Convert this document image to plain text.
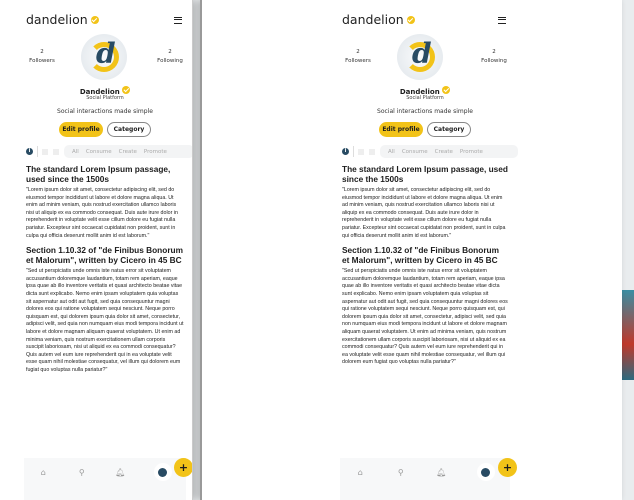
dandelion
2
Followers
2
Following
d
Dandelion
Social Platform
Social interactions made simple
Edit profile	Category
i	All Consume Create Promote
The standard Lorem Ipsum passage, used since the 1500s
"Lorem ipsum dolor sit amet, consectetur adipiscing elit, sed do eiusmod tempor incididunt ut labore et dolore magna aliqua. Ut enim ad minim veniam, quis nostrud exercitation ullamco laboris nisi ut aliquip ex ea commodo consequat. Duis aute irure dolor in reprehenderit in voluptate velit esse cillum dolore eu fugiat nulla pariatur. Excepteur sint occaecat cupidatat non proident, sunt in culpa qui officia deserunt mollit anim id est laborum."
Section 1.10.32 of "de Finibus Bonorum et Malorum", written by Cicero in 45 BC
"Sed ut perspiciatis unde omnis iste natus error sit voluptatem accusantium doloremque laudantium, totam rem aperiam, eaque ipsa quae ab illo inventore veritatis et quasi architecto beatae vitae dicta sunt explicabo. Nemo enim ipsam voluptatem quia voluptas sit aspernatur aut odit aut fugit, sed quia consequuntur magni dolores eos qui ratione voluptatem sequi nesciunt. Neque porro quisquam est, qui dolorem ipsum quia dolor sit amet, consectetur, adipisci velit, sed quia non numquam eius modi tempora incidunt ut labore et dolore magnam aliquam quaerat voluptatem. Ut enim ad minima veniam, quis nostrum exercitationem ullam corporis suscipit laboriosam, nisi ut aliquid ex ea commodi consequatur? Quis autem vel eum iure reprehenderit qui in ea voluptate velit esse quam nihil molestiae consequatur, vel illum qui dolorem eum fugiat quo voluptas nulla pariatur?"
⌂	⚲	🔔︎	+
dandelion
2
Followers
2
Following
d
Dandelion
Social Platform
Social interactions made simple
Edit profile	Category
i	All Consume Create Promote
The standard Lorem Ipsum passage, used since the 1500s
"Lorem ipsum dolor sit amet, consectetur adipiscing elit, sed do eiusmod tempor incididunt ut labore et dolore magna aliqua. Ut enim ad minim veniam, quis nostrud exercitation ullamco laboris nisi ut aliquip ex ea commodo consequat. Duis aute irure dolor in reprehenderit in voluptate velit esse cillum dolore eu fugiat nulla pariatur. Excepteur sint occaecat cupidatat non proident, sunt in culpa qui officia deserunt mollit anim id est laborum."
Section 1.10.32 of "de Finibus Bonorum et Malorum", written by Cicero in 45 BC
"Sed ut perspiciatis unde omnis iste natus error sit voluptatem accusantium doloremque laudantium, totam rem aperiam, eaque ipsa quae ab illo inventore veritatis et quasi architecto beatae vitae dicta sunt explicabo. Nemo enim ipsam voluptatem quia voluptas sit aspernatur aut odit aut fugit, sed quia consequuntur magni dolores eos qui ratione voluptatem sequi nesciunt. Neque porro quisquam est, qui dolorem ipsum quia dolor sit amet, consectetur, adipisci velit, sed quia non numquam eius modi tempora incidunt ut labore et dolore magnam aliquam quaerat voluptatem. Ut enim ad minima veniam, quis nostrum exercitationem ullam corporis suscipit laboriosam, nisi ut aliquid ex ea commodi consequatur? Quis autem vel eum iure reprehenderit qui in ea voluptate velit esse quam nihil molestiae consequatur, vel illum qui dolorem eum fugiat quo voluptas nulla pariatur?"
⌂	⚲	🔔︎	+
